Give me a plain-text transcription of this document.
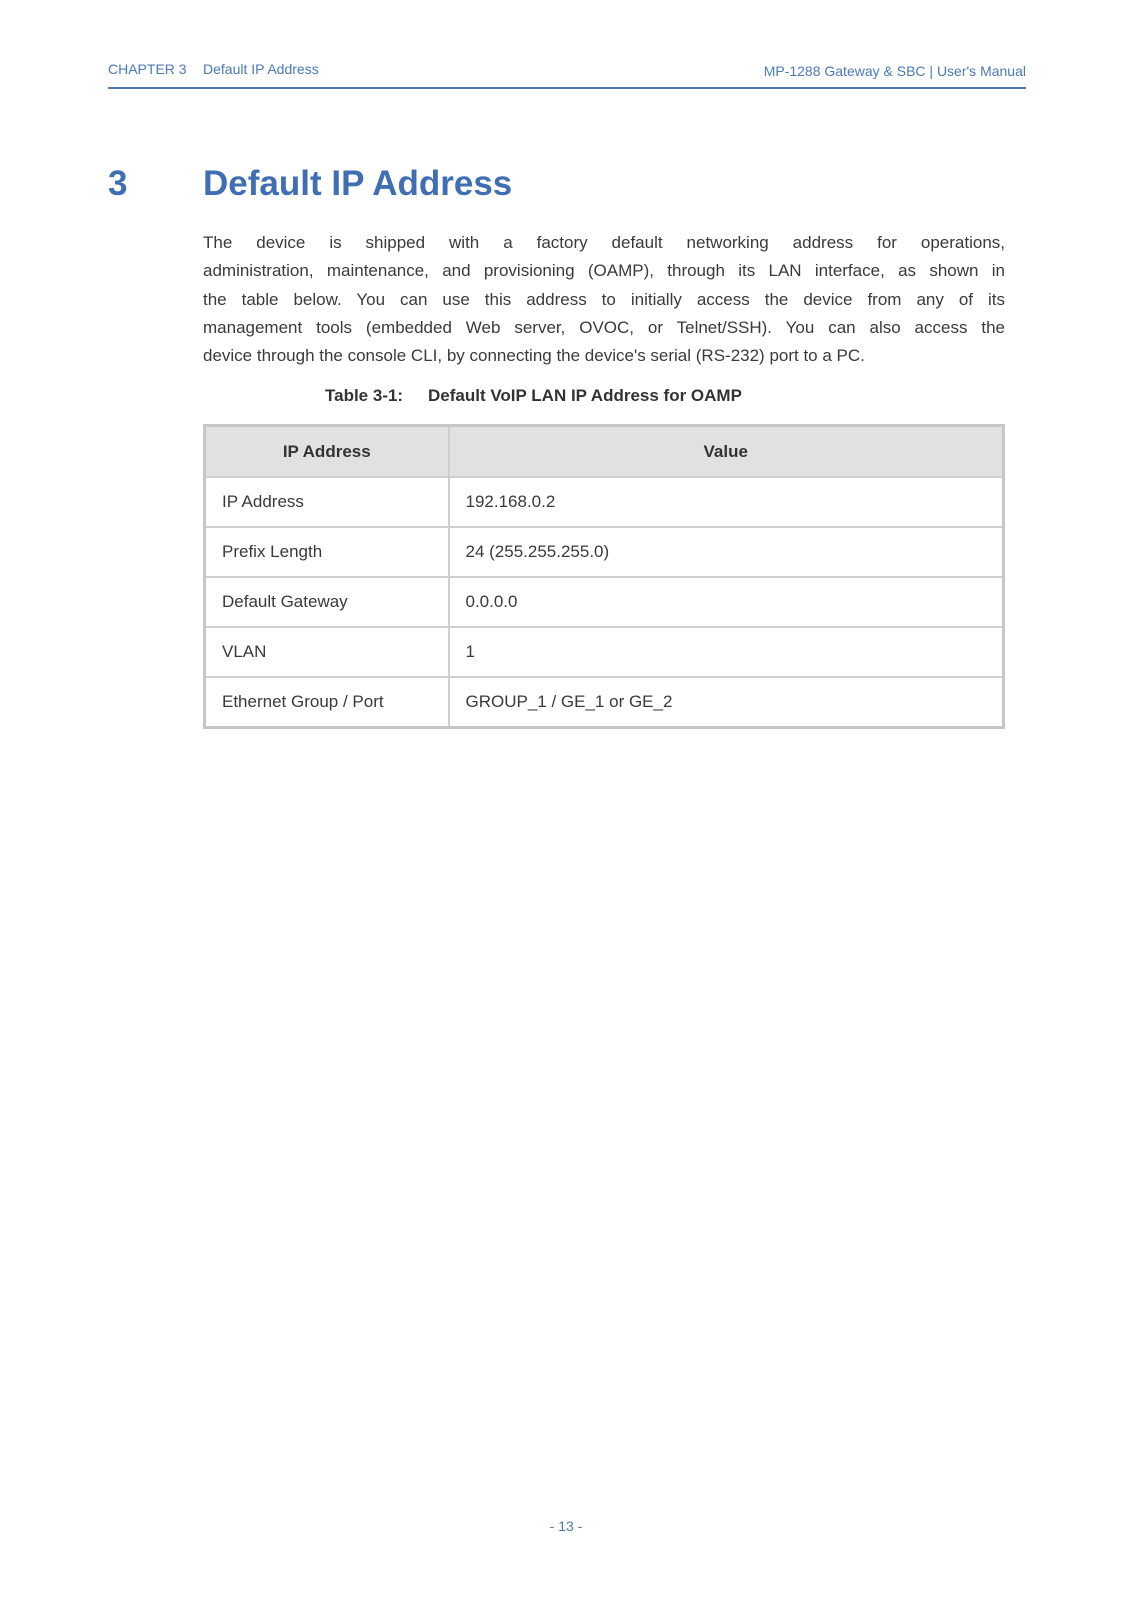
CHAPTER 3 Default IP Address	MP-1288 Gateway & SBC | User's Manual
3 Default IP Address
The device is shipped with a factory default networking address for operations,
administration, maintenance, and provisioning (OAMP), through its LAN interface, as shown in
the table below. You can use this address to initially access the device from any of its
management tools (embedded Web server, OVOC, or Telnet/SSH). You can also access the
device through the console CLI, by connecting the device's serial (RS-232) port to a PC.
Table 3-1: Default VoIP LAN IP Address for OAMP
IP Address	Value
IP Address	192.168.0.2
Prefix Length	24 (255.255.255.0)
Default Gateway	0.0.0.0
VLAN	1
Ethernet Group / Port	GROUP_1 / GE_1 or GE_2
- 13 -
